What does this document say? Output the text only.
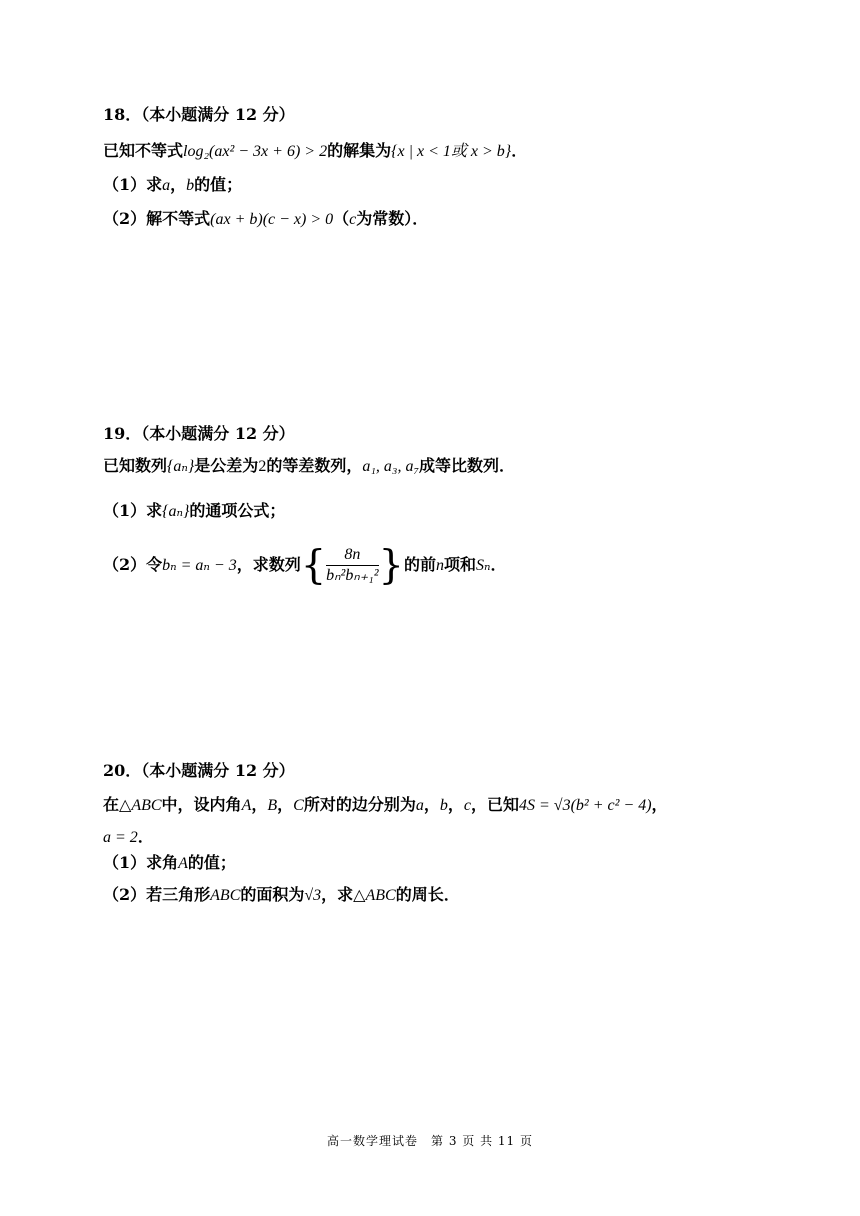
18．（本小题满分 12 分）
已知不等式log₂(ax² − 3x + 6) > 2的解集为{x | x < 1或 x > b}．
（1）求a，b的值；
（2）解不等式(ax + b)(c − x) > 0（c为常数）．
19．（本小题满分 12 分）
已知数列{aₙ}是公差为2的等差数列，a₁, a₃, a₇成等比数列．
（1）求{aₙ}的通项公式；
（2）令bₙ = aₙ − 3，求数列{ $\frac{8n}{\text{bₙ²bₙ₊₁²}}$ }的前n项和Sₙ．
20．（本小题满分 12 分）
在△ABC中，设内角A，B，C所对的边分别为a，b，c，已知4S = √3(b² + c² − 4)，
a = 2．
（1）求角A的值；
（2）若三角形ABC的面积为√3，求△ABC的周长．
高一数学理试卷　第 3 页 共 11 页
